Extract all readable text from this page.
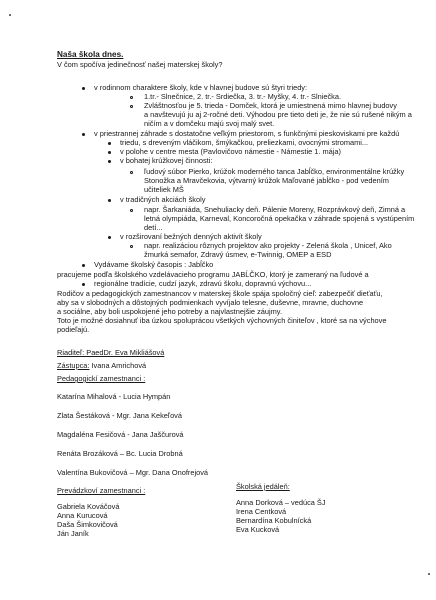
Naša škola dnes.
V čom spočíva jedinečnosť našej materskej školy?
v rodinnom charaktere školy, kde v hlavnej budove sú štyri triedy:
1.tr.- Slnečnice, 2. tr.- Srdiečka, 3. tr.- Myšky, 4. tr.- Slniečka.
Zvláštnosťou je 5. trieda - Domček, ktorá je umiestnená mimo hlavnej budovy
a navštevujú ju aj 2-ročné deti. Výhodou pre tieto deti je, že nie sú rušené nikým a
ničím a v domčeku majú svoj malý svet.
v priestrannej záhrade s dostatočne veľkým priestorom, s funkčnými pieskoviskami pre každú
triedu, s dreveným vláčikom, šmýkačkou, preliezkami, ovocnými stromami...
v polohe v centre mesta (Pavlovičovo námestie - Námestie 1. mája)
v bohatej krúžkovej činnosti:
ľudový súbor Pierko, krúžok moderného tanca Jabĺčko, environmentálne krúžky
Stonožka a Mravčekovia, výtvarný krúžok Maľované jabĺčko - pod vedením
učiteliek MŠ
v tradičných akciách školy
napr. Šarkaniáda, Snehuliacky deň. Pálenie Moreny, Rozprávkový deň, Zimná a
letná olympiáda, Karneval, Koncoročná opekačka v záhrade spojená s vystúpením
detí...
v rozširovaní bežných denných aktivít školy
napr. realizáciou rôznych projektov ako projekty - Zelená škola , Unicef, Ako
žmurká semafor, Zdravý úsmev, e-Twinnig, OMEP a ESD
Vydávame školský časopis : Jabĺčko
pracujeme podľa školského vzdelávacieho programu JABĹČKO, ktorý je zameraný na ľudové a
regionálne tradície, cudzí jazyk, zdravú školu, dopravnú výchovu...
Rodičov a pedagogických zamestnancov v materskej škole spája spoločný cieľ: zabezpečiť dieťaťu,
aby sa v slobodných a dôstojných podmienkach vyvíjalo telesne, duševne, mravne, duchovne
a sociálne, aby boli uspokojené jeho potreby a najvlastnejšie záujmy.
Toto je možné dosiahnuť iba úzkou spoluprácou všetkých výchovných činiteľov , ktoré sa na výchove
podieľajú.
Riaditeľ: PaedDr. Eva Mikliášová
Zástupca: Ivana Amrichová
Pedagogickí zamestnanci :
Katarína Mihalová - Lucia Hympán
Zlata Šestáková - Mgr. Jana Kekeľová
Magdaléna Fesičová - Jana Jaščurová
Renáta Brozáková – Bc. Lucia Drobná
Valentína Bukovičová – Mgr. Dana Onofrejová
Prevádzkoví zamestnanci :
Gabriela Kováčová
Anna Kurucová
Daša Šimkovičová
Ján Janík
Školská jedáleň:
Anna Dorková – vedúca ŠJ
Irena Centková
Bernardína Kobulnícká
Eva Kucková
